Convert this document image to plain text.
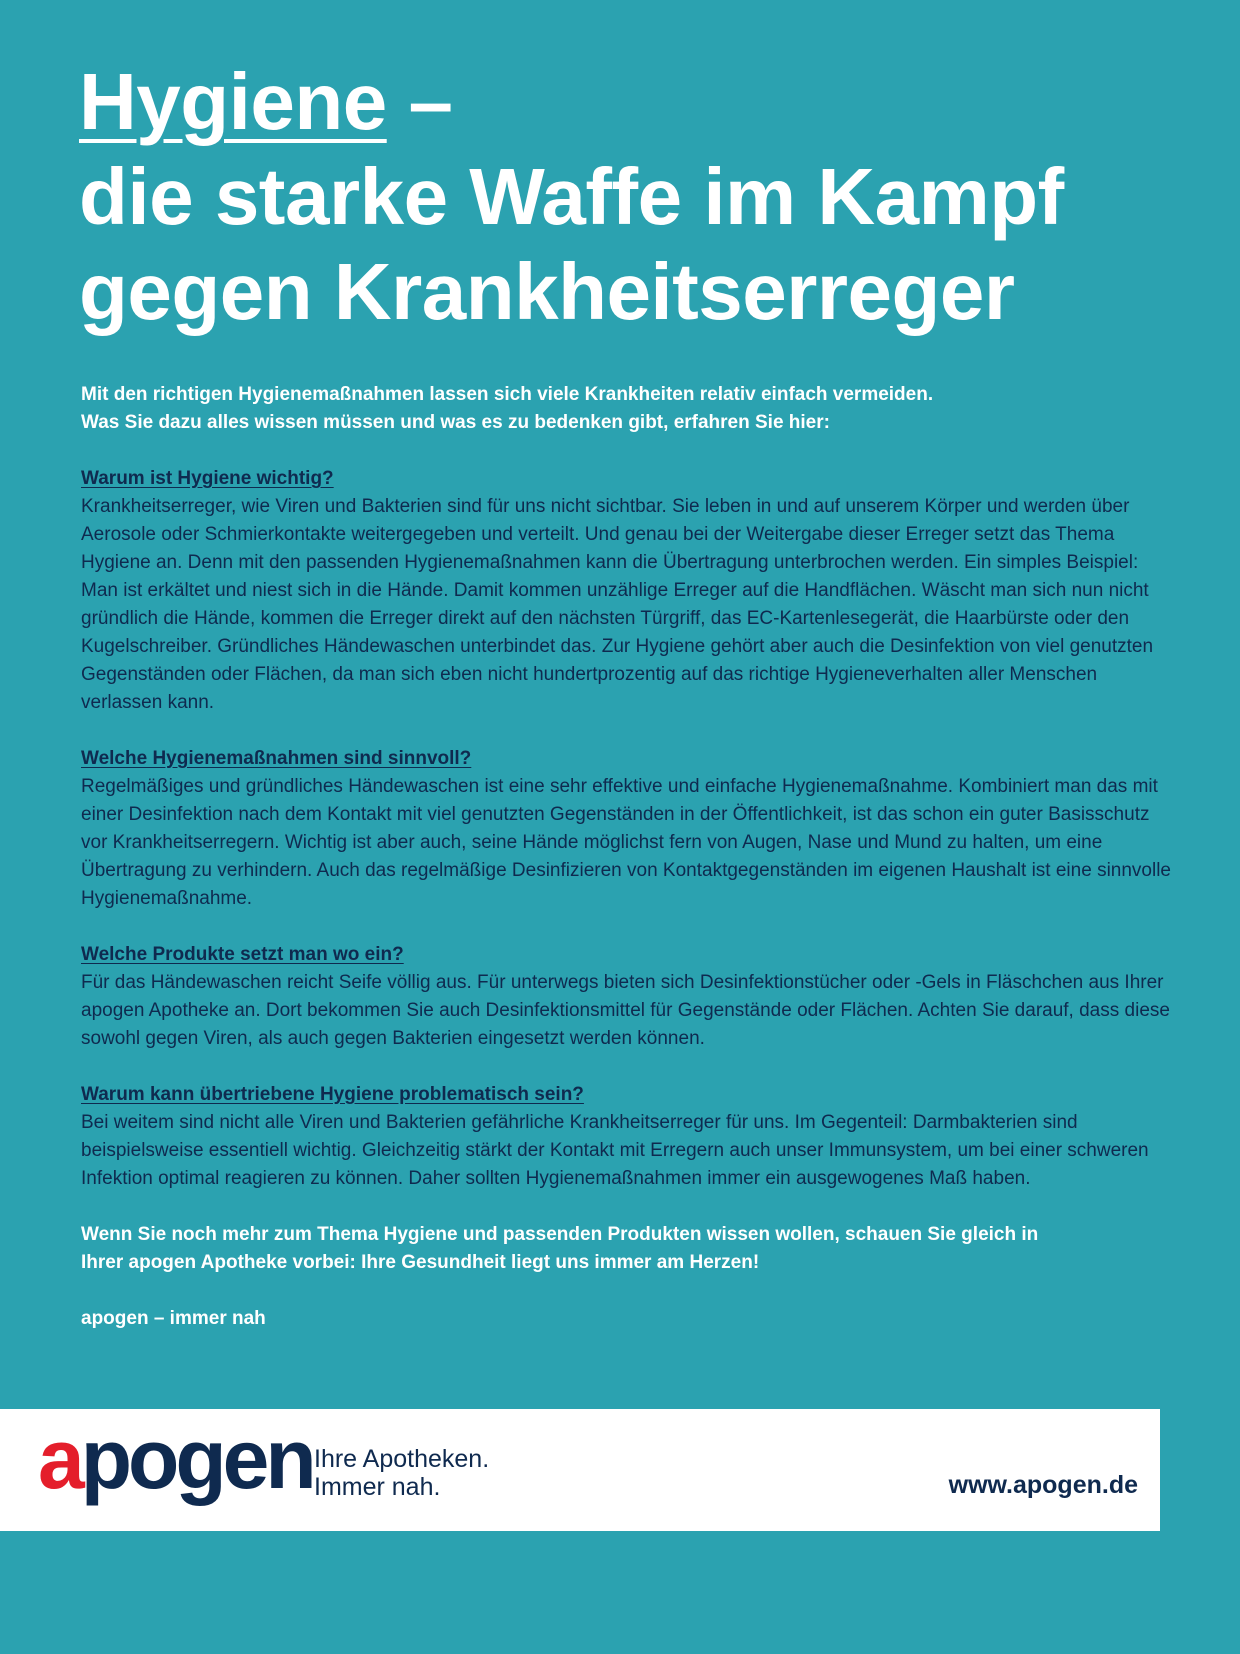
Hygiene –
die starke Waffe im Kampf
gegen Krankheitserreger

Mit den richtigen Hygienemaßnahmen lassen sich viele Krankheiten relativ einfach vermeiden.
Was Sie dazu alles wissen müssen und was es zu bedenken gibt, erfahren Sie hier:

Warum ist Hygiene wichtig?

Krankheitserreger, wie Viren und Bakterien sind für uns nicht sichtbar. Sie leben in und auf unserem Körper und werden über Aerosole oder Schmierkontakte weitergegeben und verteilt. Und genau bei der Weitergabe dieser Erreger setzt das Thema Hygiene an. Denn mit den passenden Hygienemaßnahmen kann die Übertragung unterbrochen werden. Ein simples Beispiel: Man ist erkältet und niest sich in die Hände. Damit kommen unzählige Erreger auf die Handflächen. Wäscht man sich nun nicht gründlich die Hände, kommen die Erreger direkt auf den nächsten Türgriff, das EC-Kartenlesegerät, die Haarbürste oder den Kugelschreiber. Gründliches Händewaschen unterbindet das. Zur Hygiene gehört aber auch die Desinfektion von viel genutzten Gegenständen oder Flächen, da man sich eben nicht hundertprozentig auf das richtige Hygieneverhalten aller Menschen verlassen kann.

Welche Hygienemaßnahmen sind sinnvoll?

Regelmäßiges und gründliches Händewaschen ist eine sehr effektive und einfache Hygienemaßnahme. Kombiniert man das mit einer Desinfektion nach dem Kontakt mit viel genutzten Gegenständen in der Öffentlichkeit, ist das schon ein guter Basisschutz vor Krankheitserregern. Wichtig ist aber auch, seine Hände möglichst fern von Augen, Nase und Mund zu halten, um eine Übertragung zu verhindern. Auch das regelmäßige Desinfizieren von Kontaktgegenständen im eigenen Haushalt ist eine sinnvolle Hygienemaßnahme.

Welche Produkte setzt man wo ein?

Für das Händewaschen reicht Seife völlig aus. Für unterwegs bieten sich Desinfektionstücher oder -Gels in Fläschchen aus Ihrer apogen Apotheke an. Dort bekommen Sie auch Desinfektionsmittel für Gegenstände oder Flächen. Achten Sie darauf, dass diese sowohl gegen Viren, als auch gegen Bakterien eingesetzt werden können.

Warum kann übertriebene Hygiene problematisch sein?

Bei weitem sind nicht alle Viren und Bakterien gefährliche Krankheitserreger für uns. Im Gegenteil: Darmbakterien sind beispielsweise essentiell wichtig. Gleichzeitig stärkt der Kontakt mit Erregern auch unser Immunsystem, um bei einer schweren Infektion optimal reagieren zu können. Daher sollten Hygienemaßnahmen immer ein ausgewogenes Maß haben.

Wenn Sie noch mehr zum Thema Hygiene und passenden Produkten wissen wollen, schauen Sie gleich in
Ihrer apogen Apotheke vorbei: Ihre Gesundheit liegt uns immer am Herzen!

apogen – immer nah

apogen Ihre Apotheken.
Immer nah.	www.apogen.de
